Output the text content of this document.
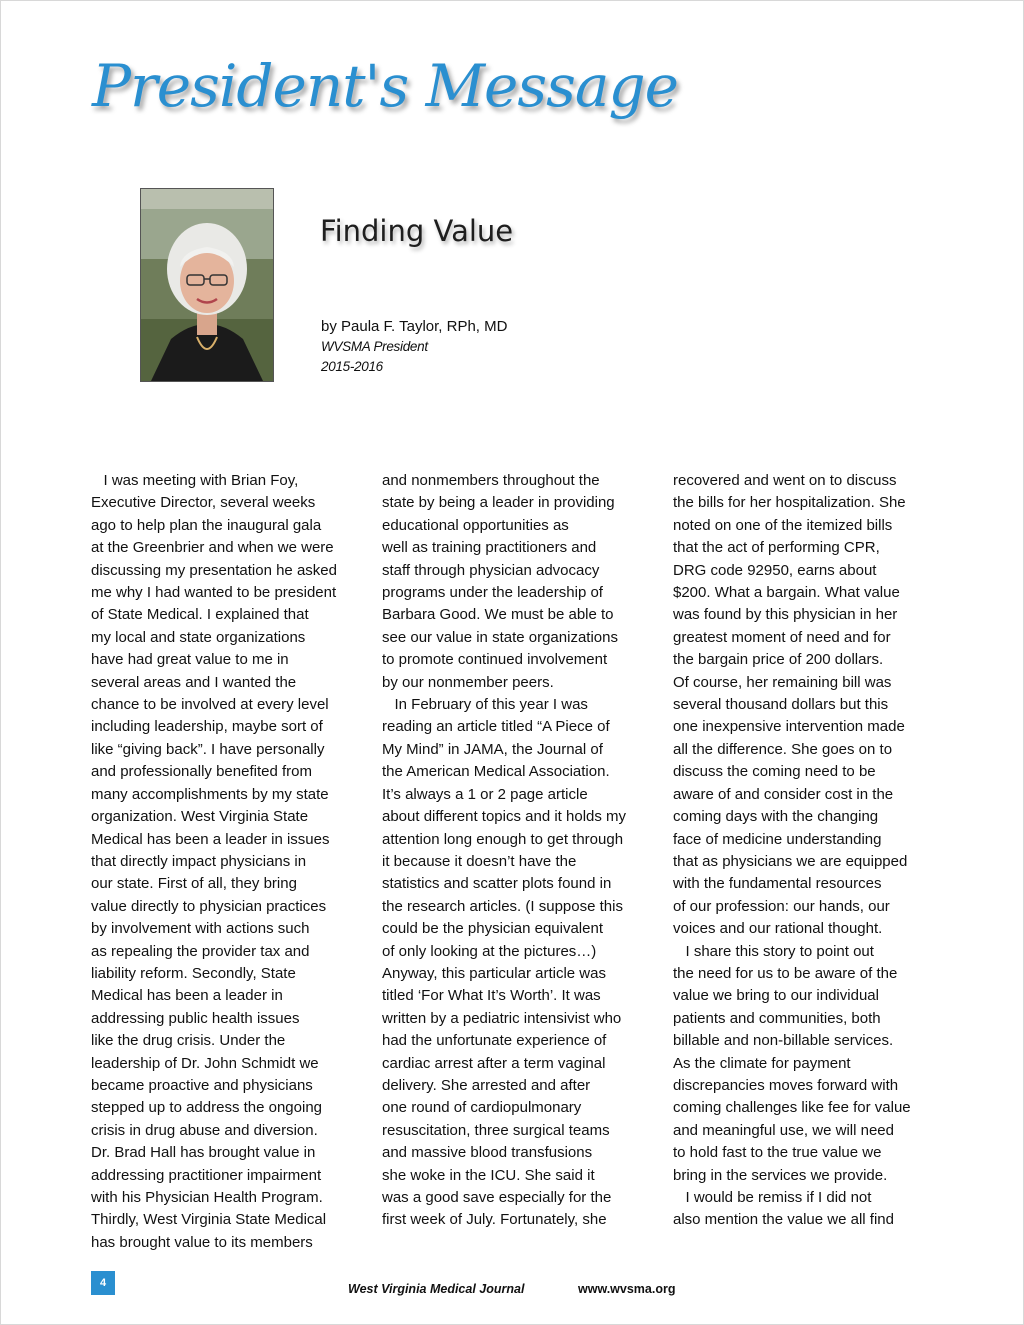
President's Message
Finding Value
by Paula F. Taylor, RPh, MD
WVSMA President
2015-2016
I was meeting with Brian Foy,
Executive Director, several weeks
ago to help plan the inaugural gala
at the Greenbrier and when we were
discussing my presentation he asked
me why I had wanted to be president
of State Medical. I explained that
my local and state organizations
have had great value to me in
several areas and I wanted the
chance to be involved at every level
including leadership, maybe sort of
like “giving back”. I have personally
and professionally benefited from
many accomplishments by my state
organization. West Virginia State
Medical has been a leader in issues
that directly impact physicians in
our state. First of all, they bring
value directly to physician practices
by involvement with actions such
as repealing the provider tax and
liability reform. Secondly, State
Medical has been a leader in
addressing public health issues
like the drug crisis. Under the
leadership of Dr. John Schmidt we
became proactive and physicians
stepped up to address the ongoing
crisis in drug abuse and diversion.
Dr. Brad Hall has brought value in
addressing practitioner impairment
with his Physician Health Program.
Thirdly, West Virginia State Medical
has brought value to its members
and nonmembers throughout the
state by being a leader in providing
educational opportunities as
well as training practitioners and
staff through physician advocacy
programs under the leadership of
Barbara Good. We must be able to
see our value in state organizations
to promote continued involvement
by our nonmember peers.
In February of this year I was
reading an article titled “A Piece of
My Mind” in JAMA, the Journal of
the American Medical Association.
It’s always a 1 or 2 page article
about different topics and it holds my
attention long enough to get through
it because it doesn’t have the
statistics and scatter plots found in
the research articles. (I suppose this
could be the physician equivalent
of only looking at the pictures…)
Anyway, this particular article was
titled ‘For What It’s Worth’. It was
written by a pediatric intensivist who
had the unfortunate experience of
cardiac arrest after a term vaginal
delivery. She arrested and after
one round of cardiopulmonary
resuscitation, three surgical teams
and massive blood transfusions
she woke in the ICU. She said it
was a good save especially for the
first week of July. Fortunately, she
recovered and went on to discuss
the bills for her hospitalization. She
noted on one of the itemized bills
that the act of performing CPR,
DRG code 92950, earns about
$200. What a bargain. What value
was found by this physician in her
greatest moment of need and for
the bargain price of 200 dollars.
Of course, her remaining bill was
several thousand dollars but this
one inexpensive intervention made
all the difference. She goes on to
discuss the coming need to be
aware of and consider cost in the
coming days with the changing
face of medicine understanding
that as physicians we are equipped
with the fundamental resources
of our profession: our hands, our
voices and our rational thought.
I share this story to point out
the need for us to be aware of the
value we bring to our individual
patients and communities, both
billable and non-billable services.
As the climate for payment
discrepancies moves forward with
coming challenges like fee for value
and meaningful use, we will need
to hold fast to the true value we
bring in the services we provide.
I would be remiss if I did not
also mention the value we all find
4	West Virginia Medical Journal	www.wvsma.org
